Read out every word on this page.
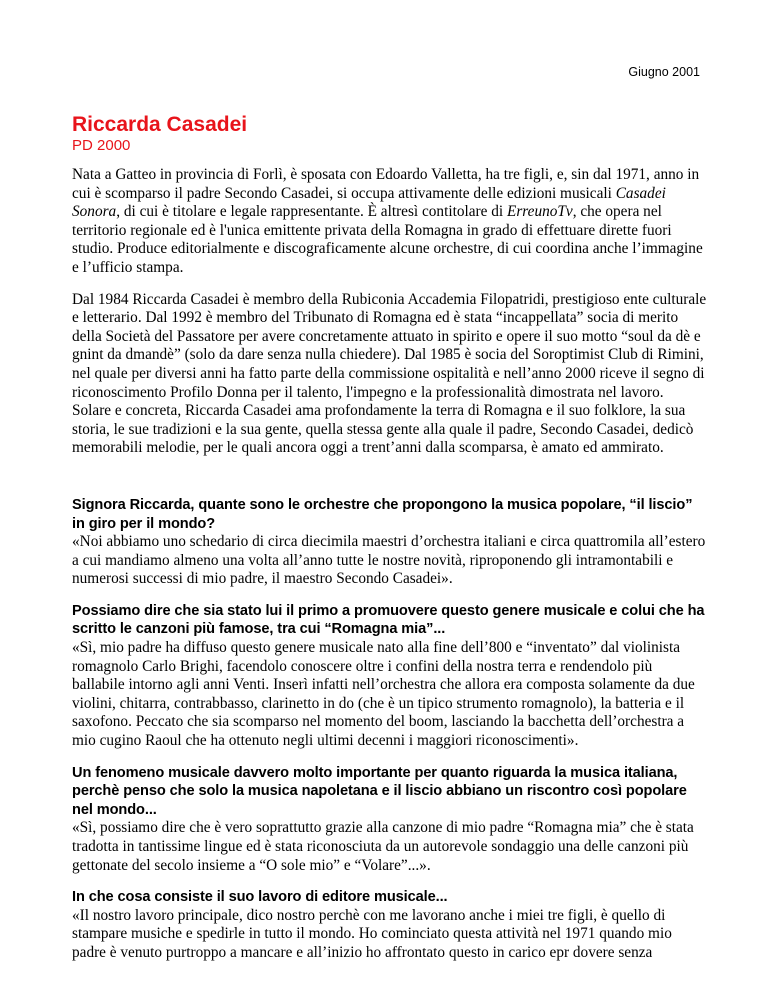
Giugno 2001
Riccarda Casadei
PD 2000

Nata a Gatteo in provincia di Forlì, è sposata con Edoardo Valletta, ha tre figli, e, sin dal 1971, anno in cui è scomparso il padre Secondo Casadei, si occupa attivamente delle edizioni musicali Casadei Sonora, di cui è titolare e legale rappresentante. È altresì contitolare di ErreunoTv, che opera nel territorio regionale ed è l'unica emittente privata della Romagna in grado di effettuare dirette fuori studio. Produce editorialmente e discograficamente alcune orchestre, di cui coordina anche l’immagine e l’ufficio stampa.

Dal 1984 Riccarda Casadei è membro della Rubiconia Accademia Filopatridi, prestigioso ente culturale e letterario. Dal 1992 è membro del Tribunato di Romagna ed è stata “incappellata” socia di merito della Società del Passatore per avere concretamente attuato in spirito e opere il suo motto “soul da dè e gnint da dmandè” (solo da dare senza nulla chiedere). Dal 1985 è socia del Soroptimist Club di Rimini, nel quale per diversi anni ha fatto parte della commissione ospitalità e nell’anno 2000 riceve il segno di riconoscimento Profilo Donna per il talento, l'impegno e la professionalità dimostrata nel lavoro.

Solare e concreta, Riccarda Casadei ama profondamente la terra di Romagna e il suo folklore, la sua storia, le sue tradizioni e la sua gente, quella stessa gente alla quale il padre, Secondo Casadei, dedicò memorabili melodie, per le quali ancora oggi a trent’anni dalla scomparsa, è amato ed ammirato.

Signora Riccarda, quante sono le orchestre che propongono la musica popolare, “il liscio” in giro per il mondo?

«Noi abbiamo uno schedario di circa diecimila maestri d’orchestra italiani e circa quattromila all’estero a cui mandiamo almeno una volta all’anno tutte le nostre novità, riproponendo gli intramontabili e numerosi successi di mio padre, il maestro Secondo Casadei».

Possiamo dire che sia stato lui il primo a promuovere questo genere musicale e colui che ha scritto le canzoni più famose, tra cui “Romagna mia”...

«Sì, mio padre ha diffuso questo genere musicale nato alla fine dell’800 e “inventato” dal violinista romagnolo Carlo Brighi, facendolo conoscere oltre i confini della nostra terra e rendendolo più ballabile intorno agli anni Venti. Inserì infatti nell’orchestra che allora era composta solamente da due violini, chitarra, contrabbasso, clarinetto in do (che è un tipico strumento romagnolo), la batteria e il saxofono. Peccato che sia scomparso nel momento del boom, lasciando la bacchetta dell’orchestra a mio cugino Raoul che ha ottenuto negli ultimi decenni i maggiori riconoscimenti».

Un fenomeno musicale davvero molto importante per quanto riguarda la musica italiana, perchè penso che solo la musica napoletana e il liscio abbiano un riscontro così popolare nel mondo...

«Sì, possiamo dire che è vero soprattutto grazie alla canzone di mio padre “Romagna mia” che è stata tradotta in tantissime lingue ed è stata riconosciuta da un autorevole sondaggio una delle canzoni più gettonate del secolo insieme a “O sole mio” e “Volare”...».

In che cosa consiste il suo lavoro di editore musicale...

«Il nostro lavoro principale, dico nostro perchè con me lavorano anche i miei tre figli, è quello di stampare musiche e spedirle in tutto il mondo. Ho cominciato questa attività nel 1971 quando mio padre è venuto purtroppo a mancare e all’inizio ho affrontato questo in carico epr dovere senza
